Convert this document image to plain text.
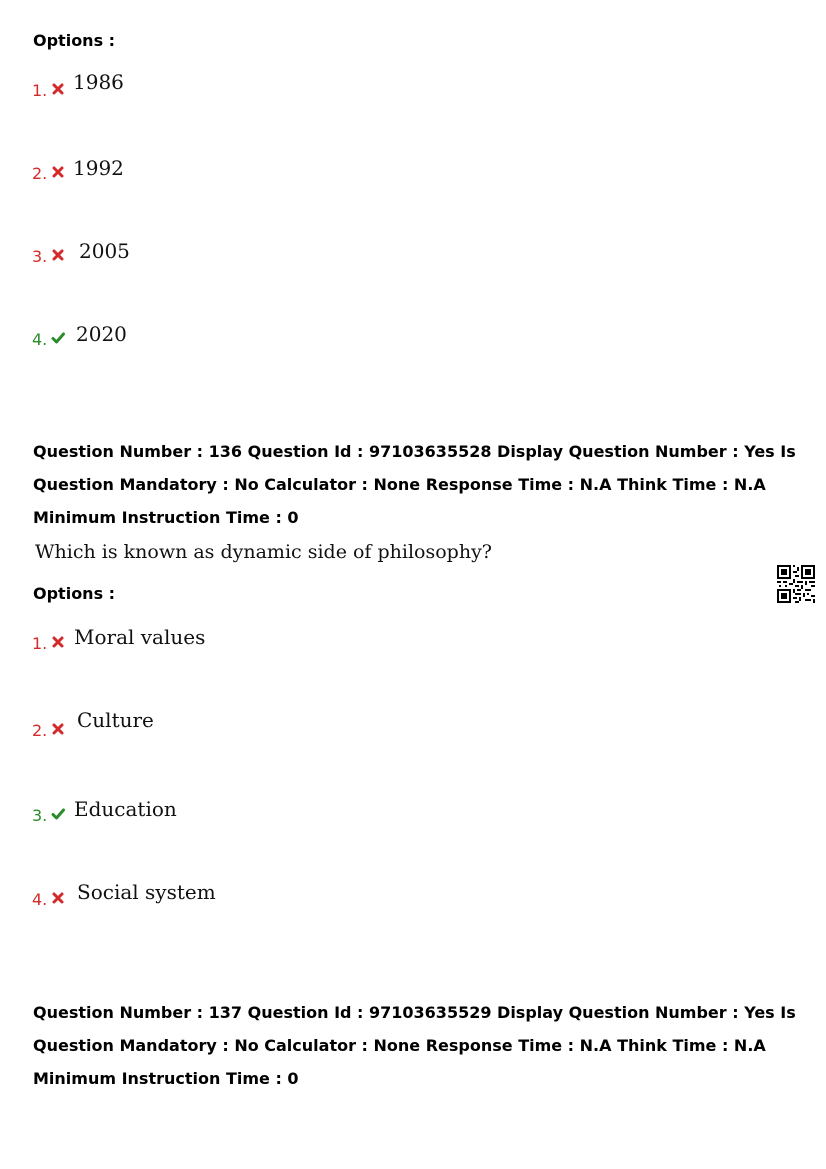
Options :
1. 1986
2. 1992
3. 2005
4. 2020

Question Number : 136 Question Id : 97103635528 Display Question Number : Yes Is Question Mandatory : No Calculator : None Response Time : N.A Think Time : N.A Minimum Instruction Time : 0

Which is known as dynamic side of philosophy?
Options :
1. Moral values
2. Culture
3. Education
4. Social system

Question Number : 137 Question Id : 97103635529 Display Question Number : Yes Is Question Mandatory : No Calculator : None Response Time : N.A Think Time : N.A Minimum Instruction Time : 0
